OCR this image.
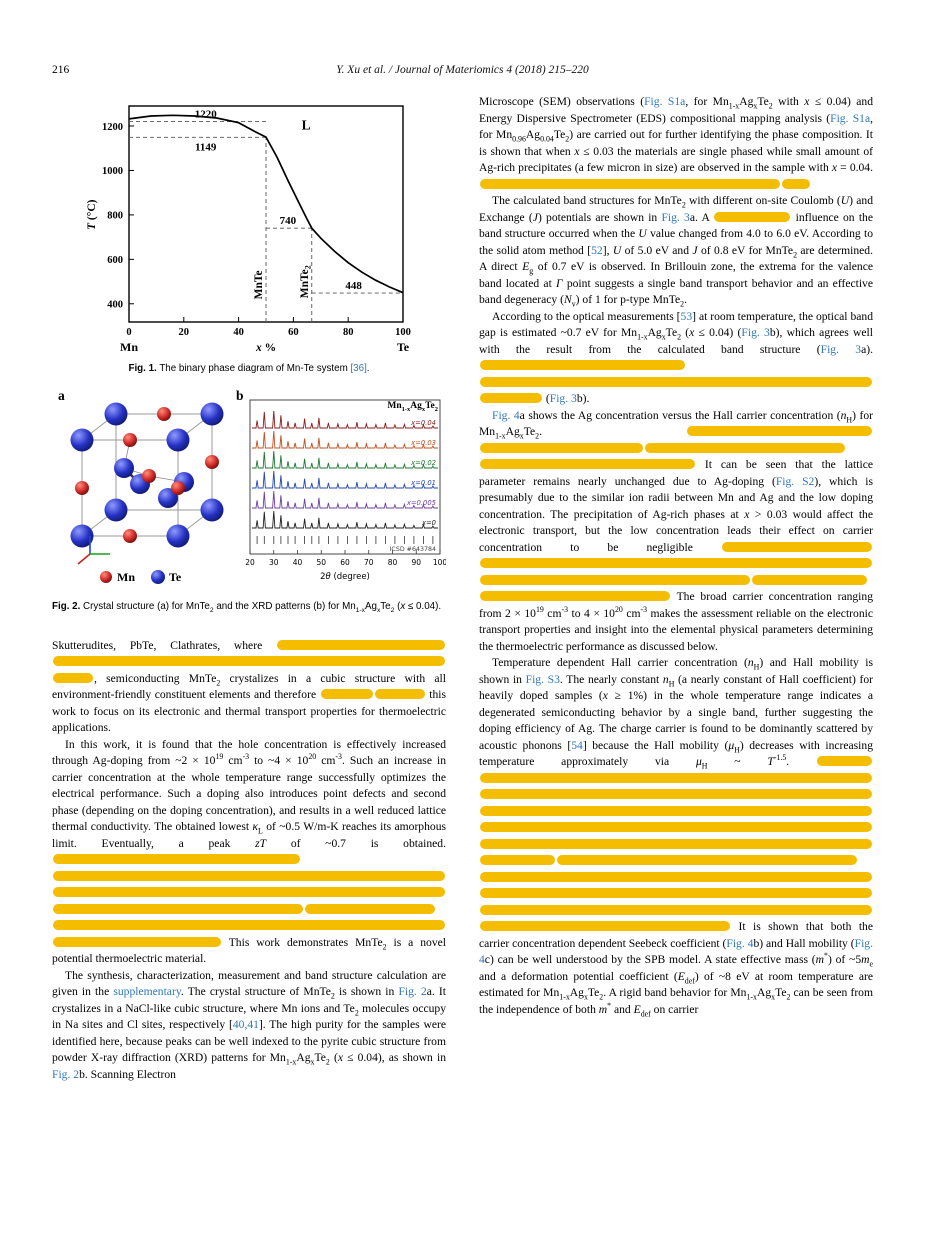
216	Y. Xu et al. / Journal of Materiomics 4 (2018) 215–220
400
600
800
1000
1200
0	20	40	60	80	100
MnTe	MnTe$_2$
1220
1149
740
448
L
T (°C)
x %
Mn	Te
Fig. 1. The binary phase diagram of Mn-Te system [36].
a
Mn	Te
b
$Mn_{1-x}Ag_xTe_2$
20 30 40 50 60 70 80 90 100
2θ (degree)
x=0.04
x=0.03
x=0.02
x=0.01
x=0.005
x=0
ICSD #643784
Fig. 2. Crystal structure (a) for MnTe$_2$ and the XRD patterns (b) for $Mn_{1-x}Ag_xTe_2$ (x ≤ 0.04).

Skutterudites, PbTe, Clathrates, where , semiconducting MnTe$_2$ crystalizes in a cubic structure with all environment-friendly constituent elements and therefore	this work to focus on its electronic and thermal transport properties for thermoelectric applications.

In this work, it is found that the hole concentration is effectively increased through Ag-doping from ~2 × $10^{19}$ $cm^{-3}$ to ~4 × $10^{20}$ $cm^{-3}$. Such an increase in carrier concentration at the whole temperature range successfully optimizes the electrical performance. Such a doping also introduces point defects and second phase (depending on the doping concentration), and results in a well reduced lattice thermal conductivity. The obtained lowest $\kappa_L$ of ~0.5 W/m-K reaches its amorphous limit. Eventually, a peak zT of ~0.7 is obtained.  This work demonstrates MnTe$_2$ is a novel potential thermoelectric material.

The synthesis, characterization, measurement and band structure calculation are given in the supplementary. The crystal structure of MnTe$_2$ is shown in Fig. 2a. It crystalizes in a NaCl-like cubic structure, where Mn ions and $Te_2$ molecules occupy in Na sites and Cl sites, respectively [40,41]. The high purity for the samples were identified here, because peaks can be well indexed to the pyrite cubic structure from powder X-ray diffraction (XRD) patterns for $Mn_{1-x}Ag_xTe_2$ (x ≤ 0.04), as shown in Fig. 2b. Scanning Electron

Microscope (SEM) observations (Fig. S1a, for $Mn_{1-x}Ag_xTe_2$ with x ≤ 0.04) and Energy Dispersive Spectrometer (EDS) compositional mapping analysis (Fig. S1a, for $Mn_{0.96}Ag_{0.04}Te_2$) are carried out for further identifying the phase composition. It is shown that when x ≤ 0.03 the materials are single phased while small amount of Ag-rich precipitates (a few micron in size) are observed in the sample with x = 0.04.

The calculated band structures for MnTe$_2$ with different on-site Coulomb (U) and Exchange (J) potentials are shown in Fig. 3a. A	influence on the band structure occurred when the U value changed from 4.0 to 6.0 eV. According to the solid atom method [52], U of 5.0 eV and J of 0.8 eV for MnTe$_2$ are determined. A direct $E_g$ of 0.7 eV is observed. In Brillouin zone, the extrema for the valence band located at Γ point suggests a single band transport behavior and an effective band degeneracy $(N_v)$ of 1 for p-type MnTe$_2$.

According to the optical measurements [53] at room temperature, the optical band gap is estimated ~0.7 eV for $Mn_{1-x}Ag_xTe_2$ (x ≤ 0.04) (Fig. 3b), which agrees well with the result from the calculated band structure (Fig. 3a).  (Fig. 3b).

Fig. 4a shows the Ag concentration versus the Hall carrier concentration $(n_H)$ for $Mn_{1-x}Ag_xTe_2$.  It can be seen that the lattice parameter remains nearly unchanged due to Ag-doping (Fig. S2), which is presumably due to the similar ion radii between Mn and Ag and the low doping concentration. The precipitation of Ag-rich phases at x > 0.03 would affect the electronic transport, but the low concentration leads their effect on carrier concentration to be negligible  The broad carrier concentration ranging from $2 \times 10^{19}$ $cm^{-3}$ to $4 \times 10^{20}$ $cm^{-3}$ makes the assessment reliable on the electronic transport properties and insight into the elemental physical parameters determining the thermoelectric performance as discussed below.

Temperature dependent Hall carrier concentration $(n_H)$ and Hall mobility is shown in Fig. S3. The nearly constant $n_H$ (a nearly constant of Hall coefficient) for heavily doped samples (x ≥ 1%) in the whole temperature range indicates a degenerated semiconducting behavior by a single band, further suggesting the doping efficiency of Ag. The charge carrier is found to be dominantly scattered by acoustic phonons [54] because the Hall mobility $(\mu_H)$ decreases with increasing temperature approximately via $\mu_H$ ~ $T^{-1.5}$.  It is shown that both the carrier concentration dependent Seebeck coefficient (Fig. 4b) and Hall mobility (Fig. 4c) can be well understood by the SPB model. A state effective mass (m*) of $\sim 5m_e$ and a deformation potential coefficient $(E_{def})$ of ~8 eV at room temperature are estimated for $Mn_{1-x}Ag_xTe_2$. A rigid band behavior for $Mn_{1-x}Ag_xTe_2$ can be seen from the independence of both m* and $E_{def}$ on carrier
